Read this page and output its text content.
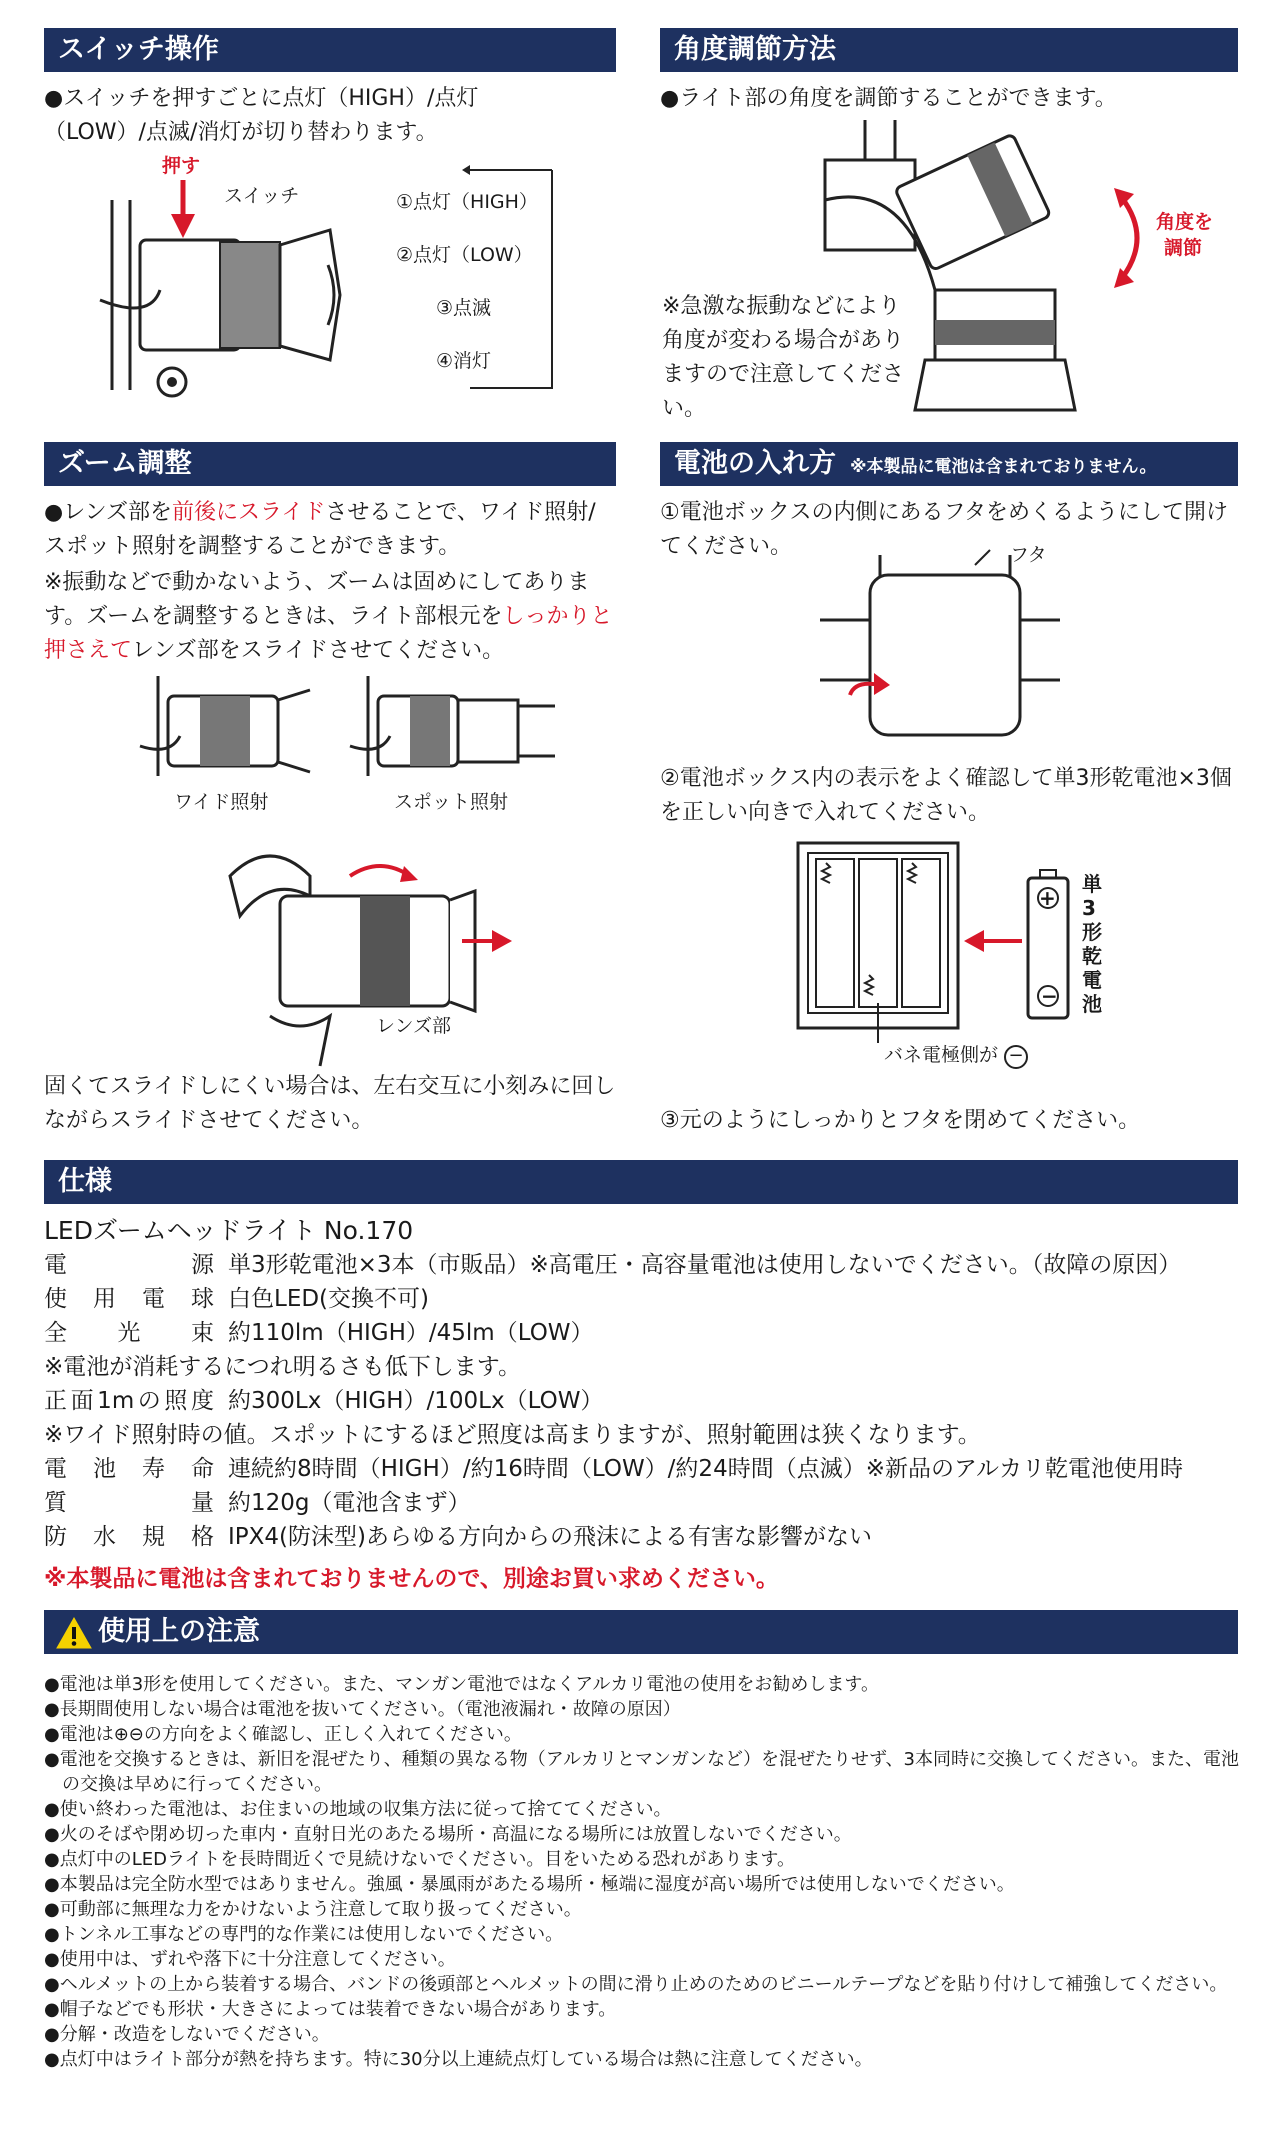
スイッチ操作
●スイッチを押すごとに点灯（HIGH）/点灯（LOW）/点滅/消灯が切り替わります。
押す
スイッチ	①点灯（HIGH）
②点灯（LOW）
③点滅
④消灯
角度調節方法
●ライト部の角度を調節することができます。
角度を
調節
※急激な振動などにより角度が変わる場合がありますので注意してください。
ズーム調整
●レンズ部を前後にスライドさせることで、ワイド照射/スポット照射を調整することができます。
※振動などで動かないよう、ズームは固めにしてあります。ズームを調整するときは、ライト部根元をしっかりと押さえてレンズ部をスライドさせてください。
ワイド照射	スポット照射
レンズ部
固くてスライドしにくい場合は、左右交互に小刻みに回しながらスライドさせてください。
電池の入れ方 ※本製品に電池は含まれておりません。
①電池ボックスの内側にあるフタをめくるようにして開けてください。	フタ
②電池ボックス内の表示をよく確認して単3形乾電池×3個を正しい向きで入れてください。
+
−
単3形乾電池
バネ電極側が −
③元のようにしっかりとフタを閉めてください。
仕様
LEDズームヘッドライト No.170
電源 単3形乾電池×3本（市販品）※高電圧・高容量電池は使用しないでください。（故障の原因）
使用電球 白色LED(交換不可)
全光束 約110lm（HIGH）/45lm（LOW）
※電池が消耗するにつれ明るさも低下します。
正面1mの照度 約300Lx（HIGH）/100Lx（LOW）
※ワイド照射時の値。スポットにするほど照度は高まりますが、照射範囲は狭くなります。
電池寿命 連続約8時間（HIGH）/約16時間（LOW）/約24時間（点滅）※新品のアルカリ乾電池使用時
質量 約120g（電池含まず）
防水規格 IPX4(防沫型)あらゆる方向からの飛沫による有害な影響がない
※本製品に電池は含まれておりませんので、別途お買い求めください。
使用上の注意
●電池は単3形を使用してください。また、マンガン電池ではなくアルカリ電池の使用をお勧めします。
●長期間使用しない場合は電池を抜いてください。（電池液漏れ・故障の原因）
●電池は⊕⊖の方向をよく確認し、正しく入れてください。
●電池を交換するときは、新旧を混ぜたり、種類の異なる物（アルカリとマンガンなど）を混ぜたりせず、3本同時に交換してください。また、電池の交換は早めに行ってください。
●使い終わった電池は、お住まいの地域の収集方法に従って捨ててください。
●火のそばや閉め切った車内・直射日光のあたる場所・高温になる場所には放置しないでください。
●点灯中のLEDライトを長時間近くで見続けないでください。目をいためる恐れがあります。
●本製品は完全防水型ではありません。強風・暴風雨があたる場所・極端に湿度が高い場所では使用しないでください。
●可動部に無理な力をかけないよう注意して取り扱ってください。
●トンネル工事などの専門的な作業には使用しないでください。
●使用中は、ずれや落下に十分注意してください。
●ヘルメットの上から装着する場合、バンドの後頭部とヘルメットの間に滑り止めのためのビニールテープなどを貼り付けして補強してください。
●帽子などでも形状・大きさによっては装着できない場合があります。
●分解・改造をしないでください。
●点灯中はライト部分が熱を持ちます。特に30分以上連続点灯している場合は熱に注意してください。
